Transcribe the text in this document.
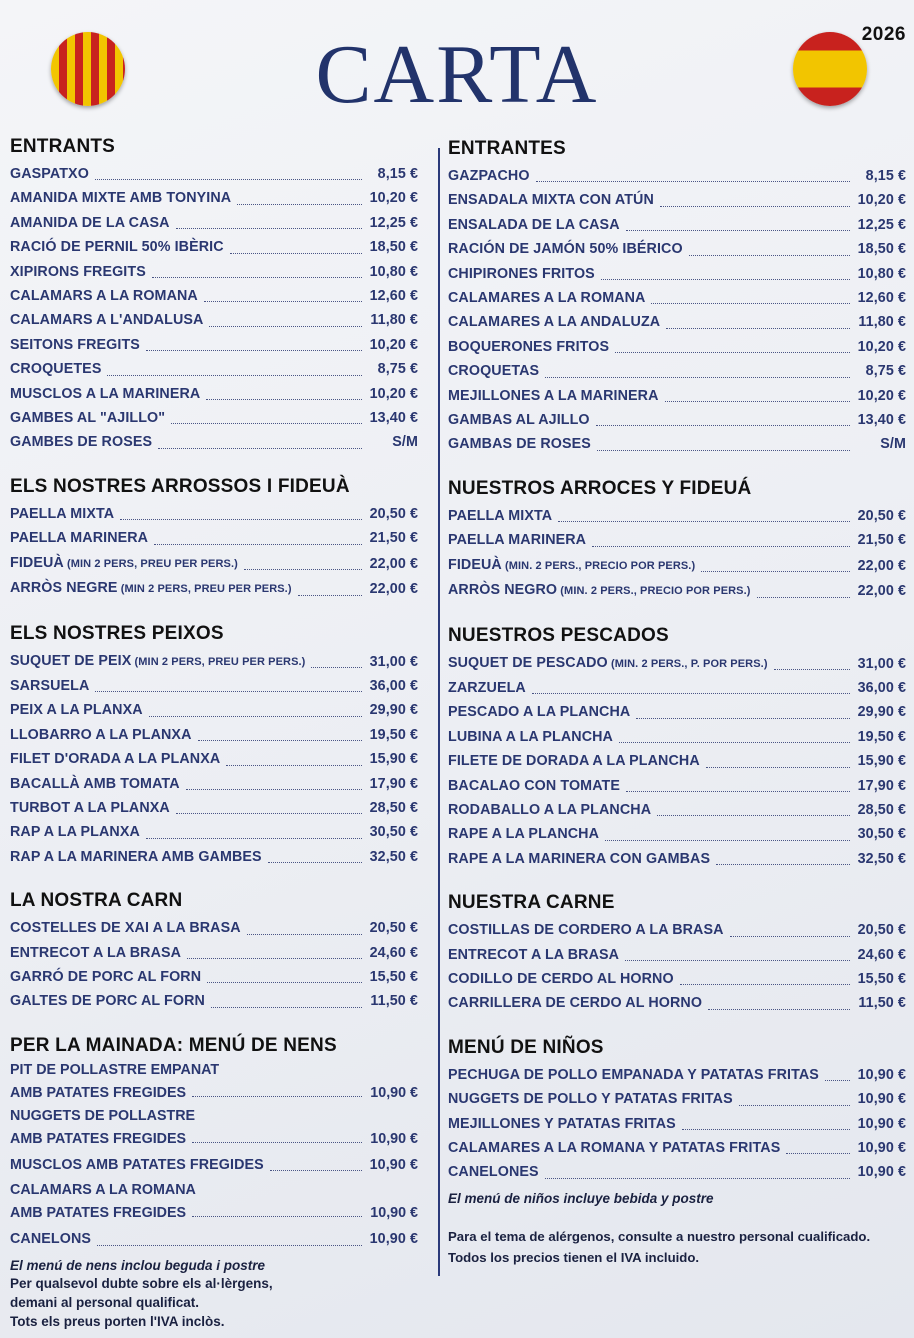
CARTA	2026
ENTRANTS
GASPATXO	8,15 €
AMANIDA MIXTE AMB TONYINA	10,20 €
AMANIDA DE LA CASA	12,25 €
RACIÓ DE PERNIL 50% IBÈRIC	18,50 €
XIPIRONS FREGITS	10,80 €
CALAMARS A LA ROMANA	12,60 €
CALAMARS A L'ANDALUSA	11,80 €
SEITONS FREGITS	10,20 €
CROQUETES	8,75 €
MUSCLOS A LA MARINERA	10,20 €
GAMBES AL "AJILLO"	13,40 €
GAMBES DE ROSES	S/M
ELS NOSTRES ARROSSOS I FIDEUÀ
PAELLA MIXTA	20,50 €
PAELLA MARINERA	21,50 €
FIDEUÀ (MIN 2 PERS, PREU PER PERS.)	22,00 €
ARRÒS NEGRE (MIN 2 PERS, PREU PER PERS.)	22,00 €
ELS NOSTRES PEIXOS
SUQUET DE PEIX (MIN 2 PERS, PREU PER PERS.)	31,00 €
SARSUELA	36,00 €
PEIX A LA PLANXA	29,90 €
LLOBARRO A LA PLANXA	19,50 €
FILET D'ORADA A LA PLANXA	15,90 €
BACALLÀ AMB TOMATA	17,90 €
TURBOT A LA PLANXA	28,50 €
RAP A LA PLANXA	30,50 €
RAP A LA MARINERA AMB GAMBES	32,50 €
LA NOSTRA CARN
COSTELLES DE XAI A LA BRASA	20,50 €
ENTRECOT A LA BRASA	24,60 €
GARRÓ DE PORC AL FORN	15,50 €
GALTES DE PORC AL FORN	11,50 €
PER LA MAINADA: MENÚ DE NENS
PIT DE POLLASTRE EMPANAT
AMB PATATES FREGIDES	10,90 €
NUGGETS DE POLLASTRE
AMB PATATES FREGIDES	10,90 €
MUSCLOS AMB PATATES FREGIDES	10,90 €
CALAMARS A LA ROMANA
AMB PATATES FREGIDES	10,90 €
CANELONS	10,90 €
El menú de nens inclou beguda i postre
Per qualsevol dubte sobre els al·lèrgens,
demani al personal qualificat.
Tots els preus porten l'IVA inclòs.
ENTRANTES
GAZPACHO	8,15 €
ENSADALA MIXTA CON ATÚN	10,20 €
ENSALADA DE LA CASA	12,25 €
RACIÓN DE JAMÓN 50% IBÉRICO	18,50 €
CHIPIRONES FRITOS	10,80 €
CALAMARES A LA ROMANA	12,60 €
CALAMARES A LA ANDALUZA	11,80 €
BOQUERONES FRITOS	10,20 €
CROQUETAS	8,75 €
MEJILLONES A LA MARINERA	10,20 €
GAMBAS AL AJILLO	13,40 €
GAMBAS DE ROSES	S/M
NUESTROS ARROCES Y FIDEUÁ
PAELLA MIXTA	20,50 €
PAELLA MARINERA	21,50 €
FIDEUÀ (MIN. 2 PERS., PRECIO POR PERS.)	22,00 €
ARRÒS NEGRO (MIN. 2 PERS., PRECIO POR PERS.)	22,00 €
NUESTROS PESCADOS
SUQUET DE PESCADO (MIN. 2 PERS., P. POR PERS.)	31,00 €
ZARZUELA	36,00 €
PESCADO A LA PLANCHA	29,90 €
LUBINA A LA PLANCHA	19,50 €
FILETE DE DORADA A LA PLANCHA	15,90 €
BACALAO CON TOMATE	17,90 €
RODABALLO A LA PLANCHA	28,50 €
RAPE A LA PLANCHA	30,50 €
RAPE A LA MARINERA CON GAMBAS	32,50 €
NUESTRA CARNE
COSTILLAS DE CORDERO A LA BRASA	20,50 €
ENTRECOT A LA BRASA	24,60 €
CODILLO DE CERDO AL HORNO	15,50 €
CARRILLERA DE CERDO AL HORNO	11,50 €
MENÚ DE NIÑOS
PECHUGA DE POLLO EMPANADA Y PATATAS FRITAS	10,90 €
NUGGETS DE POLLO Y PATATAS FRITAS	10,90 €
MEJILLONES Y PATATAS FRITAS	10,90 €
CALAMARES A LA ROMANA Y PATATAS FRITAS	10,90 €
CANELONES	10,90 €
El menú de niños incluye bebida y postre
Para el tema de alérgenos, consulte a nuestro personal cualificado.
Todos los precios tienen el IVA incluido.
